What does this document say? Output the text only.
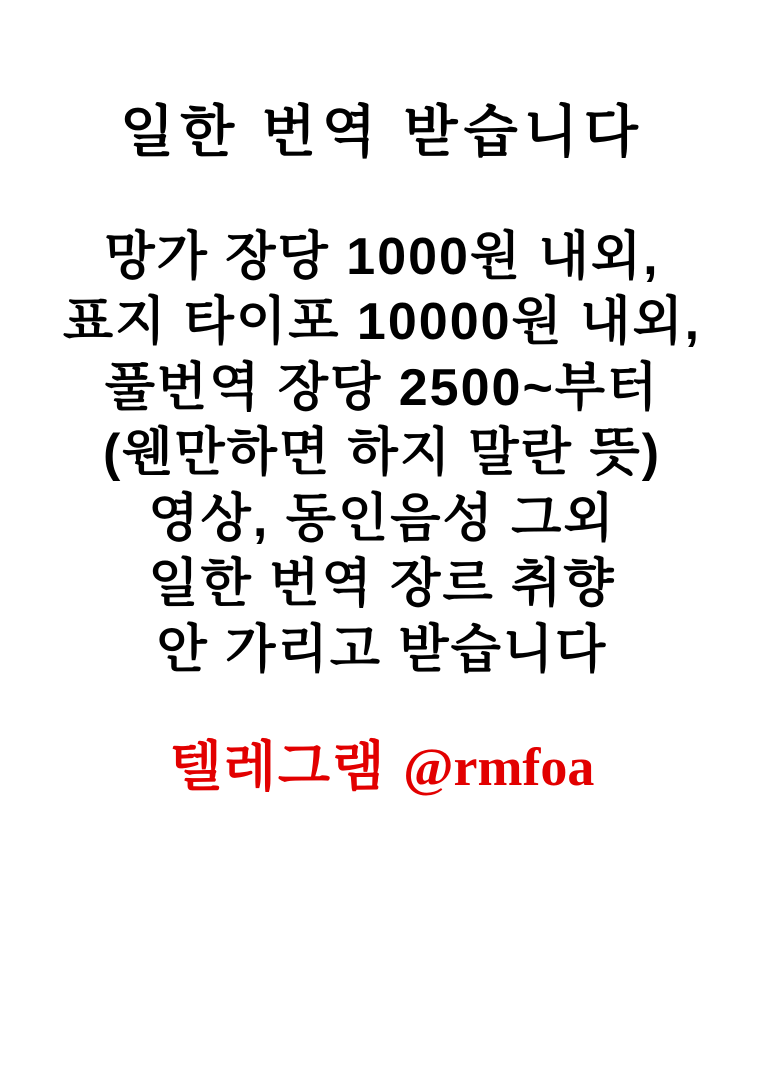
일한 번역 받습니다
망가 장당 1000원 내외,
표지 타이포 10000원 내외,
풀번역 장당 2500~부터
(웬만하면 하지 말란 뜻)
영상, 동인음성 그외
일한 번역 장르 취향
안 가리고 받습니다
텔레그램 @rmfoa
